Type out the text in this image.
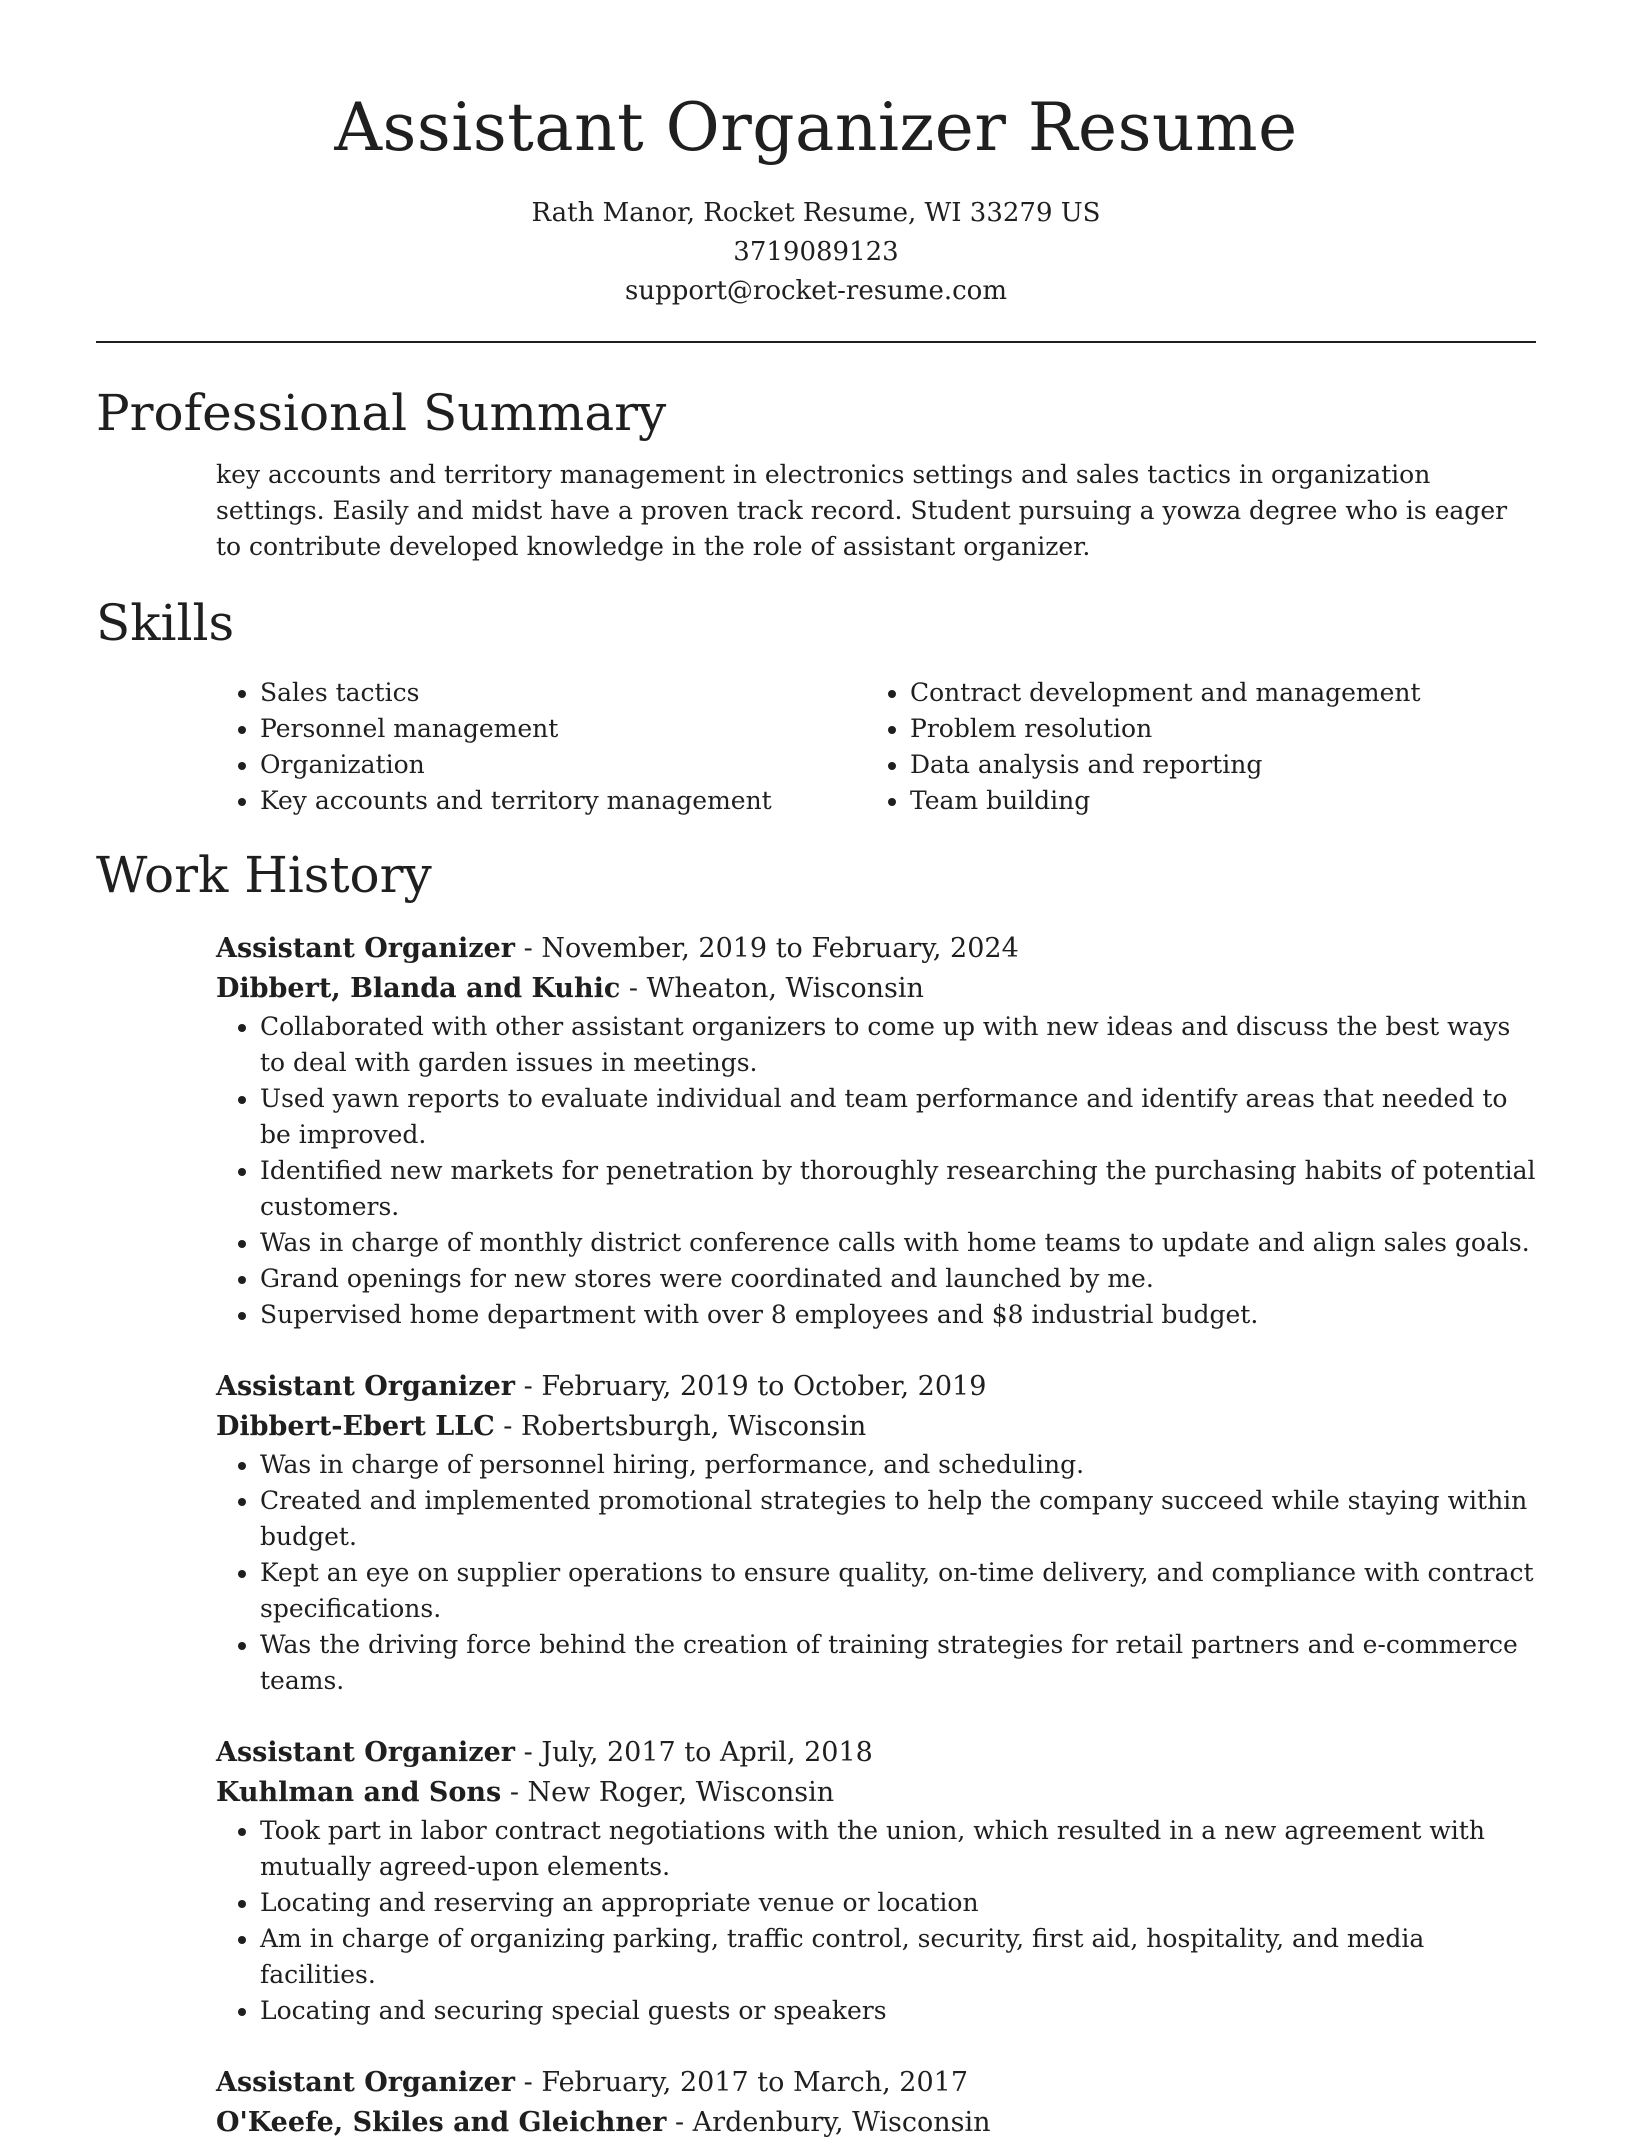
Assistant Organizer Resume
Rath Manor, Rocket Resume, WI 33279 US
3719089123
support@rocket-resume.com
Professional Summary

key accounts and territory management in electronics settings and sales tactics in organization settings. Easily and midst have a proven track record. Student pursuing a yowza degree who is eager to contribute developed knowledge in the role of assistant organizer.

Skills
• Sales tactics
• Personnel management
• Organization
• Key accounts and territory management
• Contract development and management
• Problem resolution
• Data analysis and reporting
• Team building
Work History
Assistant Organizer - November, 2019 to February, 2024
Dibbert, Blanda and Kuhic - Wheaton, Wisconsin
• Collaborated with other assistant organizers to come up with new ideas and discuss the best ways to deal with garden issues in meetings.
• Used yawn reports to evaluate individual and team performance and identify areas that needed to be improved.
• Identified new markets for penetration by thoroughly researching the purchasing habits of potential customers.
• Was in charge of monthly district conference calls with home teams to update and align sales goals.
• Grand openings for new stores were coordinated and launched by me.
• Supervised home department with over 8 employees and $8 industrial budget.
Assistant Organizer - February, 2019 to October, 2019
Dibbert-Ebert LLC - Robertsburgh, Wisconsin
• Was in charge of personnel hiring, performance, and scheduling.
• Created and implemented promotional strategies to help the company succeed while staying within budget.
• Kept an eye on supplier operations to ensure quality, on-time delivery, and compliance with contract specifications.
• Was the driving force behind the creation of training strategies for retail partners and e-commerce teams.
Assistant Organizer - July, 2017 to April, 2018
Kuhlman and Sons - New Roger, Wisconsin
• Took part in labor contract negotiations with the union, which resulted in a new agreement with mutually agreed-upon elements.
• Locating and reserving an appropriate venue or location
• Am in charge of organizing parking, traffic control, security, first aid, hospitality, and media facilities.
• Locating and securing special guests or speakers
Assistant Organizer - February, 2017 to March, 2017
O'Keefe, Skiles and Gleichner - Ardenbury, Wisconsin
